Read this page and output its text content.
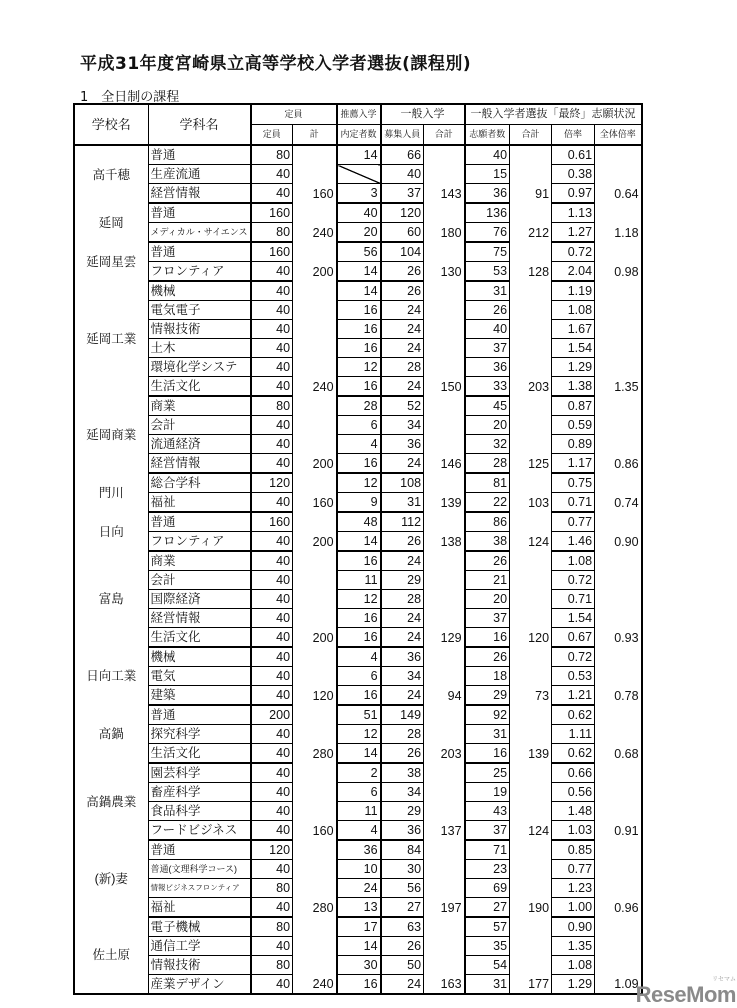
平成31年度宮崎県立高等学校入学者選抜(課程別)
1　全日制の課程
学校名	学科名	定員		推薦入学	一般入学		一般入学者選抜「最終」志願状況			
		定員	計	内定者数	募集人員	合計	志願者数	合計	倍率	全体倍率
高千穂	普通	80	160	14	66	143	40	91	0.61	0.64
	生産流通	40			40		15		0.38	
	経営情報	40		3	37		36		0.97	
延岡	普通	160	240	40	120	180	136	212	1.13	1.18
	メディカル・サイエンス	80		20	60		76		1.27	
延岡星雲	普通	160	200	56	104	130	75	128	0.72	0.98
	フロンティア	40		14	26		53		2.04	
延岡工業	機械	40	240	14	26	150	31	203	1.19	1.35
	電気電子	40		16	24		26		1.08	
	情報技術	40		16	24		40		1.67	
	土木	40		16	24		37		1.54	
	環境化学システ	40		12	28		36		1.29	
	生活文化	40		16	24		33		1.38	
延岡商業	商業	80	200	28	52	146	45	125	0.87	0.86
	会計	40		6	34		20		0.59	
	流通経済	40		4	36		32		0.89	
	経営情報	40		16	24		28		1.17	
門川	総合学科	120	160	12	108	139	81	103	0.75	0.74
	福祉	40		9	31		22		0.71	
日向	普通	160	200	48	112	138	86	124	0.77	0.90
	フロンティア	40		14	26		38		1.46	
富島	商業	40	200	16	24	129	26	120	1.08	0.93
	会計	40		11	29		21		0.72	
	国際経済	40		12	28		20		0.71	
	経営情報	40		16	24		37		1.54	
	生活文化	40		16	24		16		0.67	
日向工業	機械	40	120	4	36	94	26	73	0.72	0.78
	電気	40		6	34		18		0.53	
	建築	40		16	24		29		1.21	
高鍋	普通	200	280	51	149	203	92	139	0.62	0.68
	探究科学	40		12	28		31		1.11	
	生活文化	40		14	26		16		0.62	
高鍋農業	園芸科学	40	160	2	38	137	25	124	0.66	0.91
	畜産科学	40		6	34		19		0.56	
	食品科学	40		11	29		43		1.48	
	フードビジネス	40		4	36		37		1.03	
(新)妻	普通	120	280	36	84	197	71	190	0.85	0.96
	普通(文理科学コース)	40		10	30		23		0.77	
	情報ビジネスフロンティア	80		24	56		69		1.23	
	福祉	40		13	27		27		1.00	
佐土原	電子機械	80	240	17	63	163	57	177	0.90	1.09
	通信工学	40		14	26		35		1.35	
	情報技術	80		30	50		54		1.08	
	産業デザイン	40		16	24		31		1.29		リセマム
ReseMom
